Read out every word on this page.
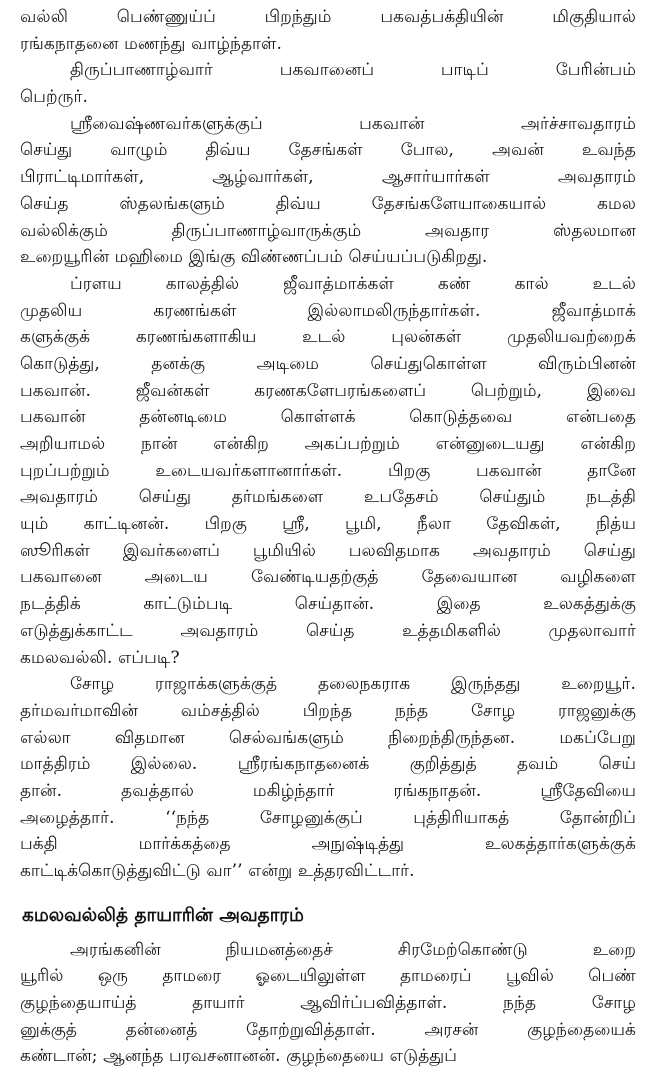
வல்லி பெண்ணுய்ப் பிறந்தும் பகவத்பக்தியின் மிகுதியால்
ரங்கநாதனை மணந்து வாழ்ந்தாள்.
திருப்பாணாழ்வார் பகவானைப் பாடிப் பேரின்பம்
பெற்ருர்.
ஸ்ரீவைஷ்ணவர்களுக்குப் பகவான் அர்ச்சாவதாரம்
செய்து வாழும் திவ்ய தேசங்கள் போல, அவன் உவந்த
பிராட்டிமார்கள், ஆழ்வார்கள், ஆசார்யார்கள் அவதாரம்
செய்த ஸ்தலங்களும் திவ்ய தேசங்களேயாகையால் கமல
வல்லிக்கும் திருப்பாணாழ்வாருக்கும் அவதார ஸ்தலமான
உறையூரின் மஹிமை இங்கு விண்ணப்பம் செய்யப்படுகிறது.
ப்ரளய காலத்தில் ஜீவாத்மாக்கள் கண் கால் உடல்
முதலிய கரணங்கள் இல்லாமலிருந்தார்கள். ஜீவாத்மாக்
களுக்குக் கரணங்களாகிய உடல் புலன்கள் முதலியவற்றைக்
கொடுத்து, தனக்கு அடிமை செய்துகொள்ள விரும்பினன்
பகவான். ஜீவன்கள் கரணகளேபரங்களைப் பெற்றும், இவை
பகவான் தன்னடிமை கொள்ளக் கொடுத்தவை என்பதை
அறியாமல் நான் என்கிற அகப்பற்றும் என்னுடையது என்கிற
புறப்பற்றும் உடையவர்களானார்கள். பிறகு பகவான் தானே
அவதாரம் செய்து தர்மங்களை உபதேசம் செய்தும் நடத்தி
யும் காட்டினன். பிறகு ஸ்ரீ, பூமி, நீலா தேவிகள், நித்ய
ஸூரிகள் இவர்களைப் பூமியில் பலவிதமாக அவதாரம் செய்து
பகவானை அடைய வேண்டியதற்குத் தேவையான வழிகளை
நடத்திக் காட்டும்படி செய்தான். இதை உலகத்துக்கு
எடுத்துக்காட்ட அவதாரம் செய்த உத்தமிகளில் முதலாவார்
கமலவல்லி. எப்படி?
சோழ ராஜாக்களுக்குத் தலைநகராக இருந்தது உறையூர்.
தர்மவர்மாவின் வம்சத்தில் பிறந்த நந்த சோழ ராஜனுக்கு
எல்லா விதமான செல்வங்களும் நிறைந்திருந்தன. மகப்பேறு
மாத்திரம் இல்லை. ஸ்ரீரங்கநாதனைக் குறித்துத் தவம் செய்
தான். தவத்தால் மகிழ்ந்தார் ரங்கநாதன். ஸ்ரீதேவியை
அழைத்தார். ‘‘நந்த சோழனுக்குப் புத்திரியாகத் தோன்றிப்
பக்தி மார்க்கத்தை அநுஷ்டித்து உலகத்தார்களுக்குக்
காட்டிக்கொடுத்துவிட்டு வா’’ என்று உத்தரவிட்டார்.
கமலவல்லித் தாயாரின் அவதாரம்
அரங்கனின் நியமனத்தைச் சிரமேற்கொண்டு உறை
யூரில் ஒரு தாமரை ஓடையிலுள்ள தாமரைப் பூவில் பெண்
குழந்தையாய்த் தாயார் ஆவிர்ப்பவித்தாள். நந்த சோழ
னுக்குத் தன்னைத் தோற்றுவித்தாள். அரசன் குழந்தையைக்
கண்டான்; ஆனந்த பரவசனானன். குழந்தையை எடுத்துப்
